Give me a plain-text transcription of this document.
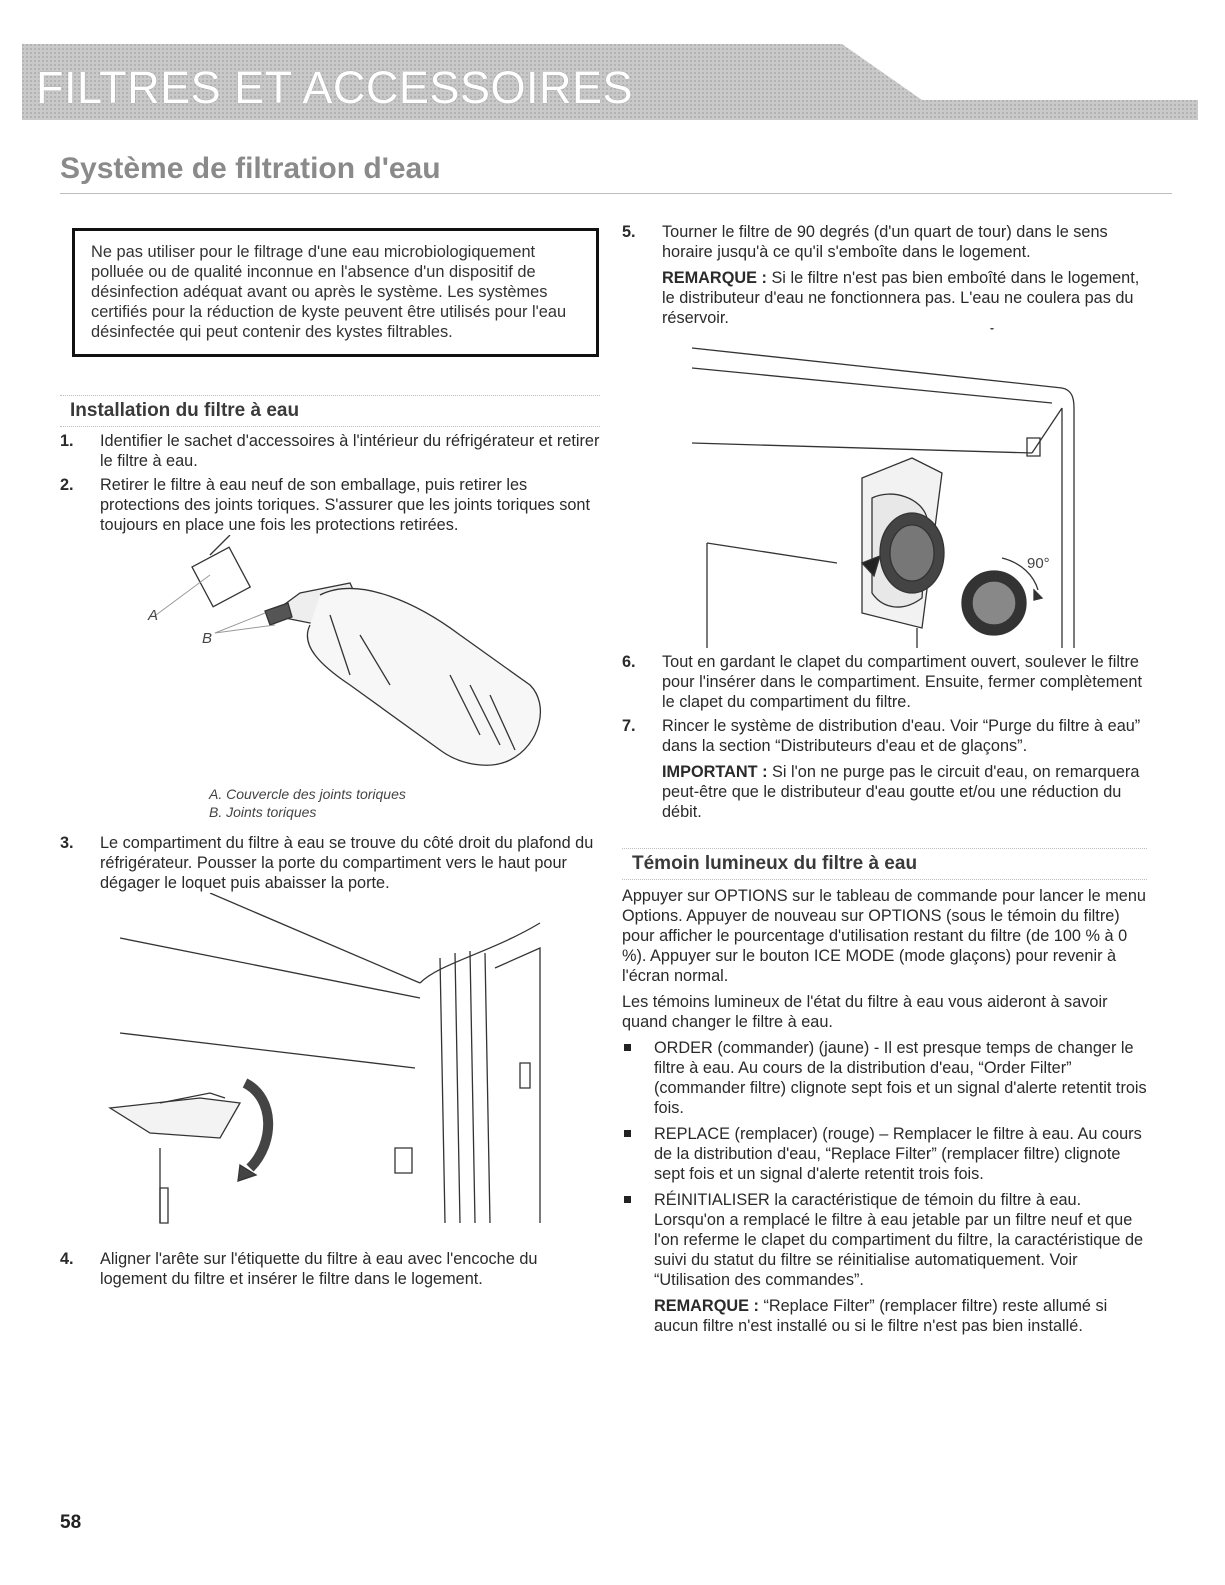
FILTRES ET ACCESSOIRES
Système de filtration d'eau
Ne pas utiliser pour le filtrage d'une eau microbiologiquement polluée ou de qualité inconnue en l'absence d'un dispositif de désinfection adéquat avant ou après le système. Les systèmes certifiés pour la réduction de kyste peuvent être utilisés pour l'eau désinfectée qui peut contenir des kystes filtrables.
Installation du filtre à eau
1. Identifier le sachet d'accessoires à l'intérieur du réfrigérateur et retirer le filtre à eau.
2. Retirer le filtre à eau neuf de son emballage, puis retirer les protections des joints toriques. S'assurer que les joints toriques sont toujours en place une fois les protections retirées.
A
B
A. Couvercle des joints toriques
B. Joints toriques
3. Le compartiment du filtre à eau se trouve du côté droit du plafond du réfrigérateur. Pousser la porte du compartiment vers le haut pour dégager le loquet puis abaisser la porte.
4. Aligner l'arête sur l'étiquette du filtre à eau avec l'encoche du logement du filtre et insérer le filtre dans le logement.
5. Tourner le filtre de 90 degrés (d'un quart de tour) dans le sens horaire jusqu'à ce qu'il s'emboîte dans le logement.
REMARQUE : Si le filtre n'est pas bien emboîté dans le logement, le distributeur d'eau ne fonctionnera pas. L'eau ne coulera pas du réservoir.
90°
6. Tout en gardant le clapet du compartiment ouvert, soulever le filtre pour l'insérer dans le compartiment. Ensuite, fermer complètement le clapet du compartiment du filtre.
7. Rincer le système de distribution d'eau. Voir “Purge du filtre à eau” dans la section “Distributeurs d'eau et de glaçons”.
IMPORTANT : Si l'on ne purge pas le circuit d'eau, on remarquera peut-être que le distributeur d'eau goutte et/ou une réduction du débit.
Témoin lumineux du filtre à eau
Appuyer sur OPTIONS sur le tableau de commande pour lancer le menu Options. Appuyer de nouveau sur OPTIONS (sous le témoin du filtre) pour afficher le pourcentage d'utilisation restant du filtre (de 100 % à 0 %). Appuyer sur le bouton ICE MODE (mode glaçons) pour revenir à l'écran normal.
Les témoins lumineux de l'état du filtre à eau vous aideront à savoir quand changer le filtre à eau.
ORDER (commander) (jaune) - Il est presque temps de changer le filtre à eau. Au cours de la distribution d'eau, “Order Filter” (commander filtre) clignote sept fois et un signal d'alerte retentit trois fois.
REPLACE (remplacer) (rouge) – Remplacer le filtre à eau. Au cours de la distribution d'eau, “Replace Filter” (remplacer filtre) clignote sept fois et un signal d'alerte retentit trois fois.
RÉINITIALISER la caractéristique de témoin du filtre à eau. Lorsqu'on a remplacé le filtre à eau jetable par un filtre neuf et que l'on referme le clapet du compartiment du filtre, la caractéristique de suivi du statut du filtre se réinitialise automatiquement. Voir “Utilisation des commandes”.
REMARQUE : “Replace Filter” (remplacer filtre) reste allumé si aucun filtre n'est installé ou si le filtre n'est pas bien installé.
58
